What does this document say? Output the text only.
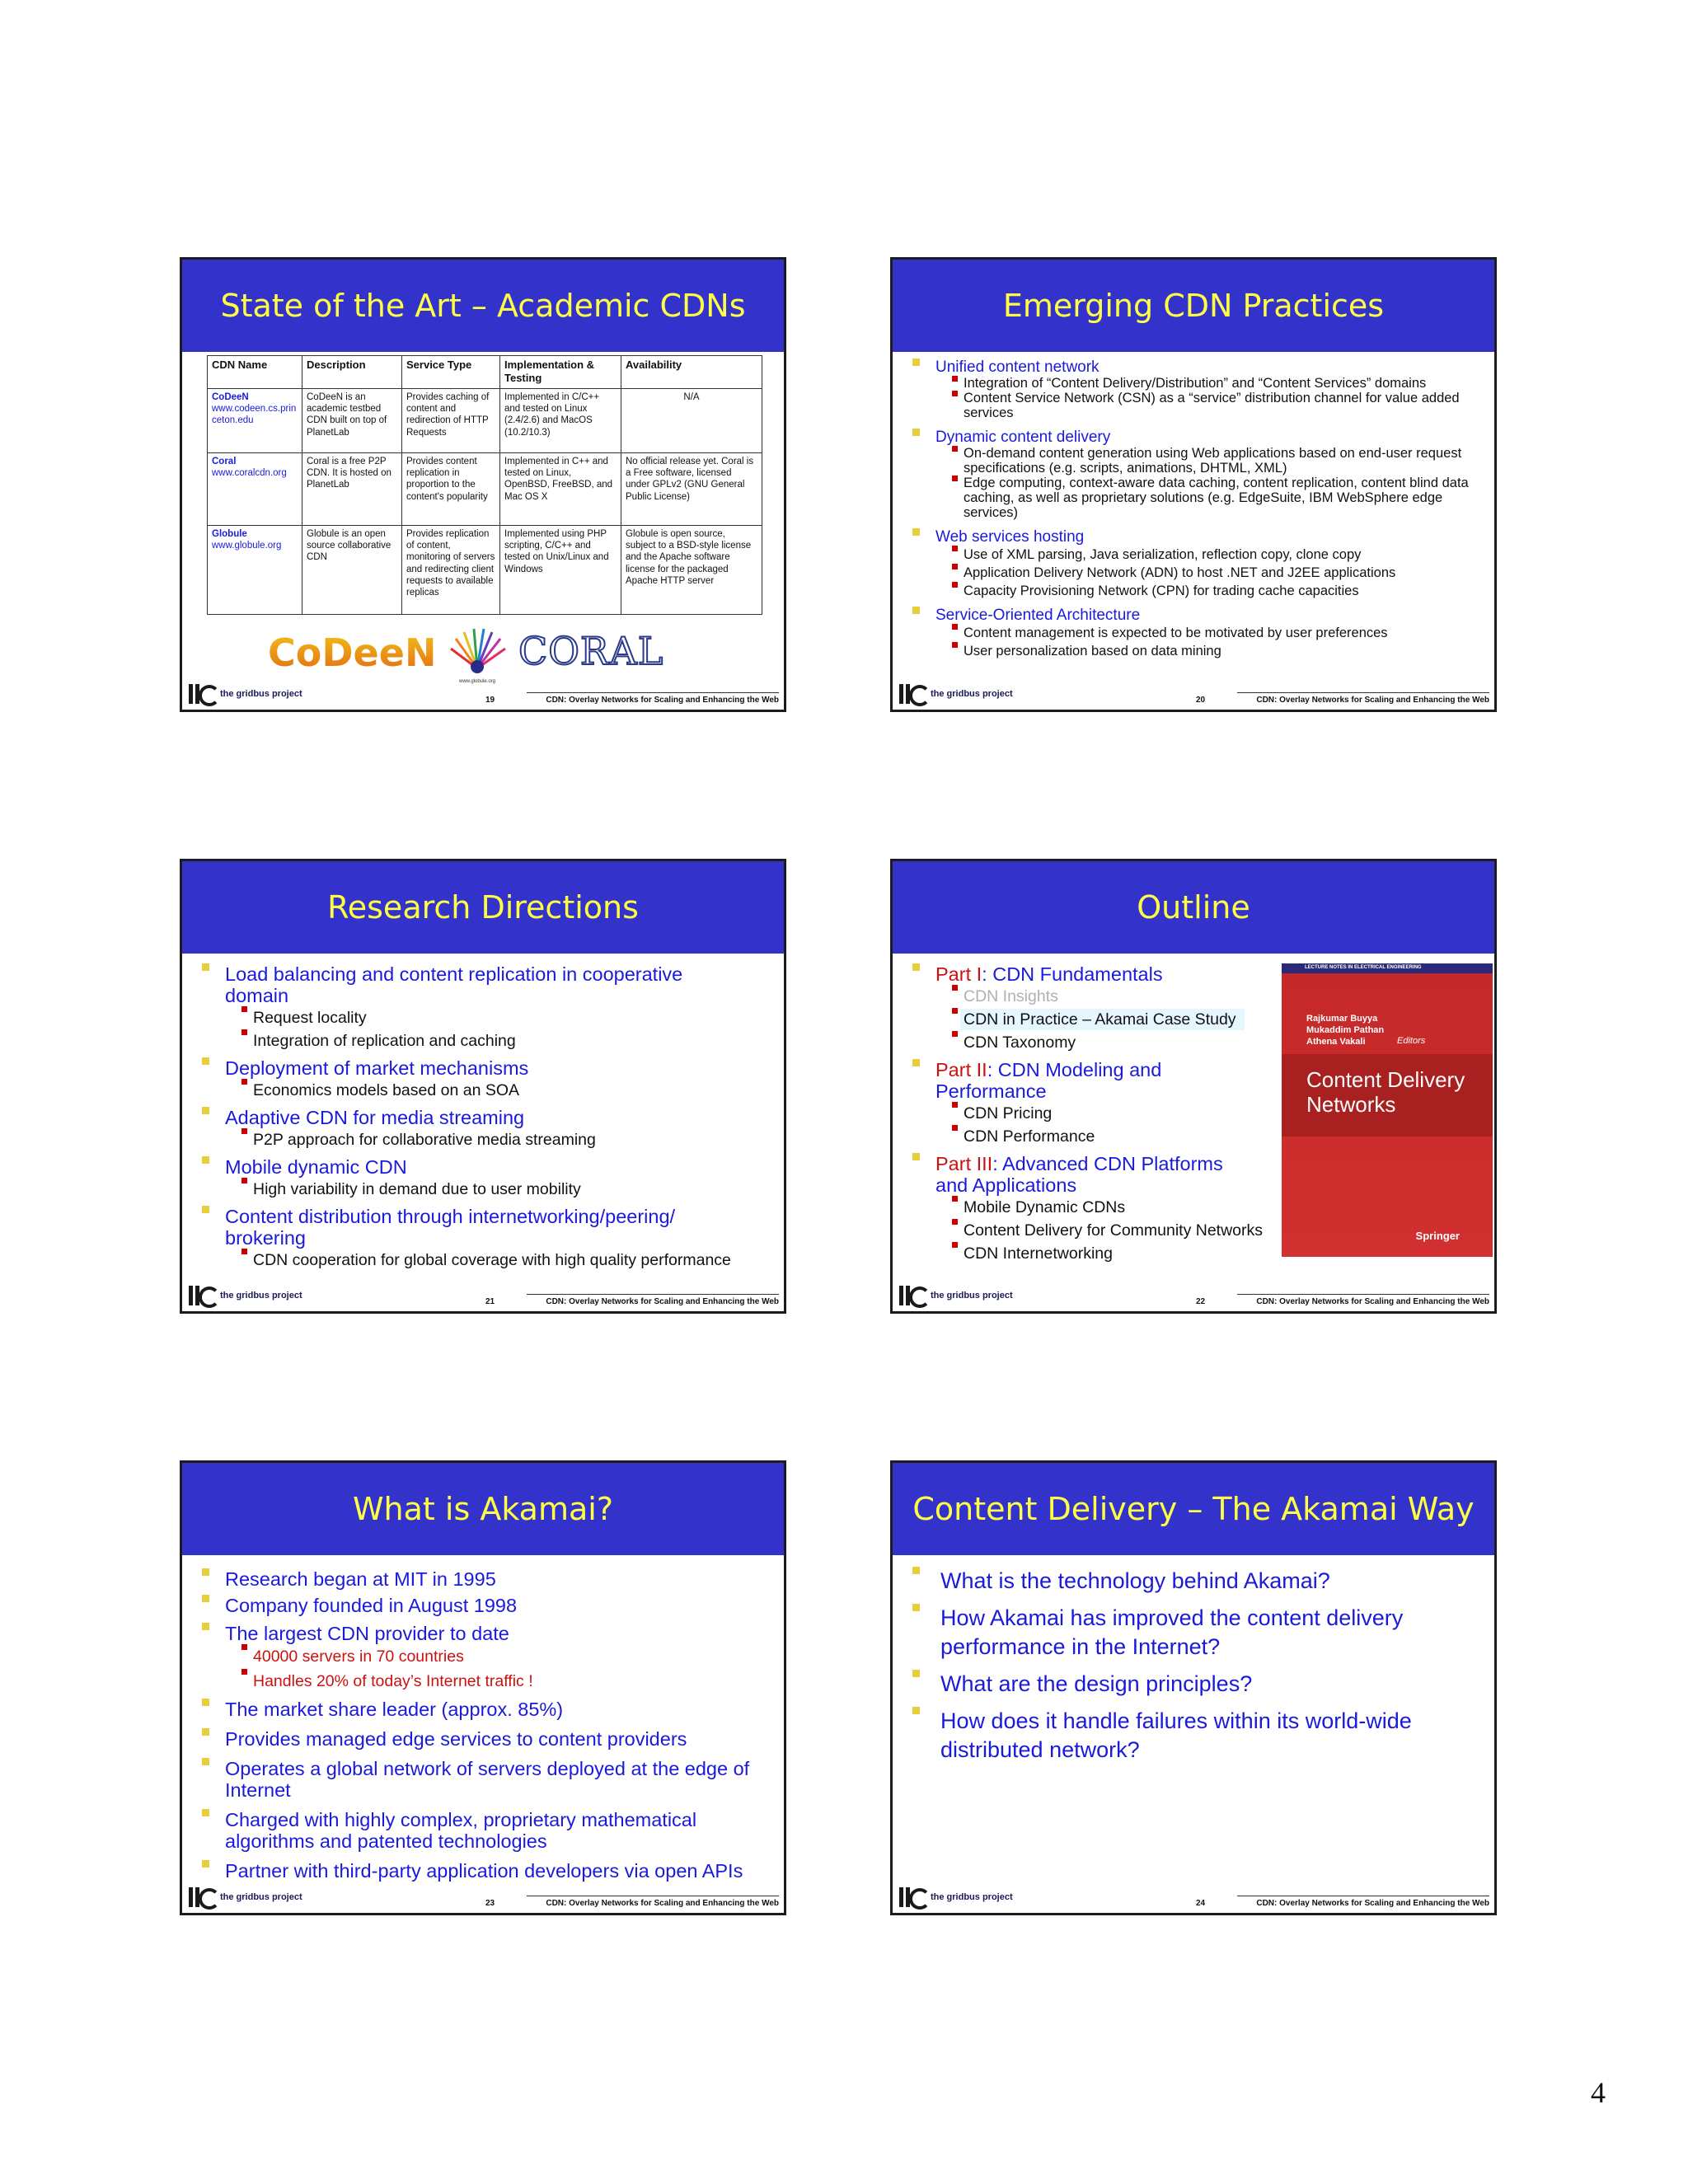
State of the Art – Academic CDNs
CDN Name	Description	Service Type	Implementation & Testing	Availability

CoDeeN
www.codeen.cs.princeton.edu	CoDeeN is an academic testbed CDN built on top of PlanetLab	Provides caching of content and redirection of HTTP Requests	Implemented in C/C++ and tested on Linux (2.4/2.6) and MacOS (10.2/10.3)	N/A

Coral
www.coralcdn.org	Coral is a free P2P CDN. It is hosted on PlanetLab	Provides content replication in proportion to the content's popularity	Implemented in C++ and tested on Linux, OpenBSD, FreeBSD, and Mac OS X	No official release yet. Coral is a Free software, licensed under GPLv2 (GNU General Public License)

Globule
www.globule.org	Globule is an open source collaborative CDN	Provides replication of content, monitoring of servers and redirecting client requests to available replicas	Implemented using PHP scripting, C/C++ and tested on Unix/Linux and Windows	Globule is open source, subject to a BSD-style license and the Apache software license for the packaged Apache HTTP server
CoDeeN
www.globule.org
CORAL
the gridbus project
19	CDN: Overlay Networks for Scaling and Enhancing the Web
Emerging CDN Practices
Unified content network
Integration of “Content Delivery/Distribution” and “Content Services” domains
Content Service Network (CSN) as a “service” distribution channel for value added services
Dynamic content delivery
On-demand content generation using Web applications based on end-user request specifications (e.g. scripts, animations, DHTML, XML)
Edge computing, context-aware data caching, content replication, content blind data caching, as well as proprietary solutions (e.g. EdgeSuite, IBM WebSphere edge services)
Web services hosting
Use of XML parsing, Java serialization, reflection copy, clone copy
Application Delivery Network (ADN) to host .NET and J2EE applications
Capacity Provisioning Network (CPN) for trading cache capacities
Service-Oriented Architecture
Content management is expected to be motivated by user preferences
User personalization based on data mining
the gridbus project
20	CDN: Overlay Networks for Scaling and Enhancing the Web
Research Directions
Load balancing and content replication in cooperative domain
Request locality
Integration of replication and caching
Deployment of market mechanisms
Economics models based on an SOA
Adaptive CDN for media streaming
P2P approach for collaborative media streaming
Mobile dynamic CDN
High variability in demand due to user mobility
Content distribution through internetworking/peering/ brokering
CDN cooperation for global coverage with high quality performance
the gridbus project
21	CDN: Overlay Networks for Scaling and Enhancing the Web
Outline
Part I: CDN Fundamentals
CDN Insights
CDN in Practice – Akamai Case Study
CDN Taxonomy
Part II: CDN Modeling and Performance
CDN Pricing
CDN Performance
Part III: Advanced CDN Platforms and Applications
Mobile Dynamic CDNs
Content Delivery for Community Networks
CDN Internetworking
LECTURE NOTES IN ELECTRICAL ENGINEERING
Rajkumar Buyya
Mukaddim Pathan
Athena Vakali	Editors
Content Delivery
Networks
Springer
the gridbus project
22	CDN: Overlay Networks for Scaling and Enhancing the Web
What is Akamai?
Research began at MIT in 1995
Company founded in August 1998
The largest CDN provider to date
40000 servers in 70 countries
Handles 20% of today’s Internet traffic !
The market share leader (approx. 85%)
Provides managed edge services to content providers
Operates a global network of servers deployed at the edge of Internet
Charged with highly complex, proprietary mathematical algorithms and patented technologies
Partner with third-party application developers via open APIs
the gridbus project
23	CDN: Overlay Networks for Scaling and Enhancing the Web
Content Delivery – The Akamai Way
What is the technology behind Akamai?
How Akamai has improved the content delivery performance in the Internet?
What are the design principles?
How does it handle failures within its world-wide distributed network?
the gridbus project
24	CDN: Overlay Networks for Scaling and Enhancing the Web
4
